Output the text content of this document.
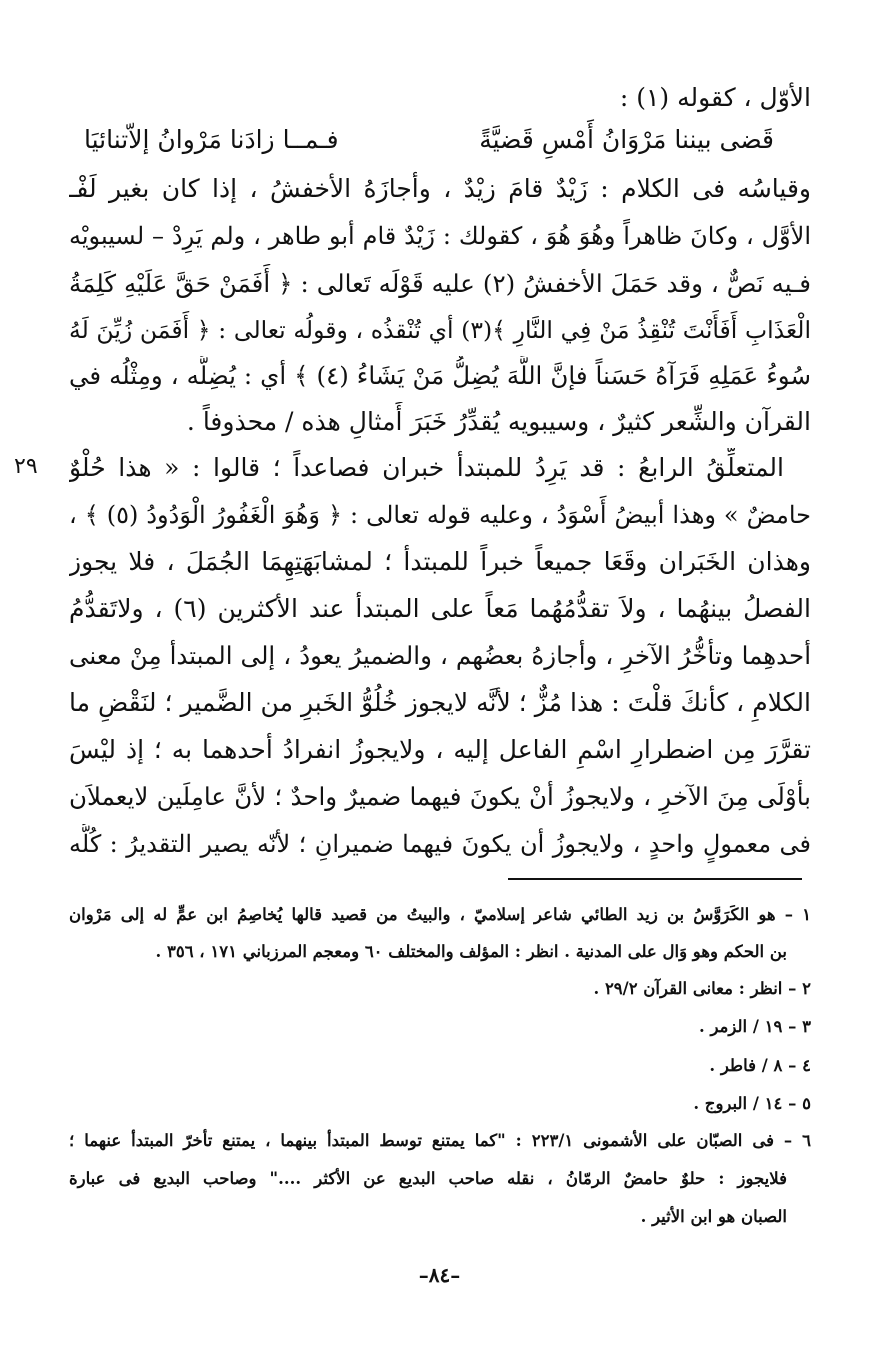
الأوّل ، كقوله (١) :
قَضى بيننا مَرْوَانُ أَمْسِ قَضيَّةً
فـمــا زادَنا مَرْوانُ إلاّتنائيَا
وقياسُه فى الكلام : زَيْدٌ قامَ زيْدٌ ، وأجازَهُ الأخفشُ ، إذا كان بغير لَفْـ
الأوَّل ، وكانَ ظاهراً وهُوَ هُوَ ، كقولك : زَيْدٌ قام أبو طاهر ، ولم يَرِدْ – لسيبويْه
فـيه نَصٌّ ، وقد حَمَلَ الأخفشُ (٢) عليه قَوْلَه تَعالى : ﴿ أَفَمَنْ حَقَّ عَلَيْهِ كَلِمَةُ
الْعَذَابِ أَفَأَنْتَ تُنْقِذُ مَنْ فِي النَّارِ ﴾(٣) أي تُنْقذُه ، وقولُه تعالى : ﴿ أَفَمَن زُيِّنَ لَهُ
سُوءُ عَمَلِهِ فَرَآهُ حَسَناً فإنَّ اللَّهَ يُضِلُّ مَنْ يَشَاءُ (٤) ﴾ أي : يُضِلُّه ، ومِثْلُه في
القرآن والشِّعر كثيرٌ ، وسيبويه يُقدِّرُ خَبَرَ أَمثالِ هذه / محذوفاً .
المتعلِّقُ الرابعُ : قد يَرِدُ للمبتدأ خبران فصاعداً ؛ قالوا : « هذا حُلْوٌ
٢٩
حامضٌ » وهذا أبيضُ أَسْوَدُ ، وعليه قوله تعالى : ﴿ وَهُوَ الْغَفُورُ الْوَدُودُ (٥) ﴾ ،
وهذان الخَبَران وقَعَا جميعاً خبراً للمبتدأ ؛ لمشابَهَتِهِمَا الجُمَلَ ، فلا يجوز
الفصلُ بينهُما ، ولاَ تقدُّمُهُما مَعاً على المبتدأ عند الأكثرين (٦) ، ولاتَقدُّمُ
أحدهِما وتأخُّرُ الآخرِ ، وأجازهُ بعضُهم ، والضميرُ يعودُ ، إلى المبتدأ مِنْ معنى
الكلامِ ، كأنكَ قلْتَ : هذا مُزٌّ ؛ لأنَّه لايجوز خُلُوُّ الخَبرِ من الضَّمير ؛ لنَقْضِ ما
تقرَّرَ مِن اضطرارِ اسْمِ الفاعل إليه ، ولايجوزُ انفرادُ أحدهما به ؛ إذ ليْسَ
بأوْلَى مِنَ الآخرِ ، ولايجوزُ أنْ يكونَ فيهما ضميرٌ واحدٌ ؛ لأنَّ عامِلَين لايعملاَن
فى معمولٍ واحدٍ ، ولايجوزُ أن يكونَ فيهما ضميرانِ ؛ لأنّه يصير التقديرُ : كُلُّه
١ – هو الكَرَوَّسُ بن زيد الطائي شاعر إسلاميّ ، والبيتُ من قصيد قالها يُخاصِمُ ابن عمٍّ له إلى مَرْوان
بن الحكم وهو وَال على المدنية . انظر : المؤلف والمختلف ٦٠ ومعجم المرزباني ١٧١ ، ٣٥٦ .
٢ – انظر : معانى القرآن ٢٩/٢ .
٣ – ١٩ / الزمر .
٤ – ٨ / فاطر .
٥ – ١٤ / البروج .
٦ – فى الصبّان على الأشمونى ٢٢٣/١ : "كما يمتنع توسط المبتدأ بينهما ، يمتنع تأخرّ المبتدأ عنهما ؛
فلايجوز : حلوٌ حامضٌ الرمّانُ ، نقله صاحب البديع عن الأكثر ...." وصاحب البديع فى عبارة
الصبان هو ابن الأثير .
–٨٤–
